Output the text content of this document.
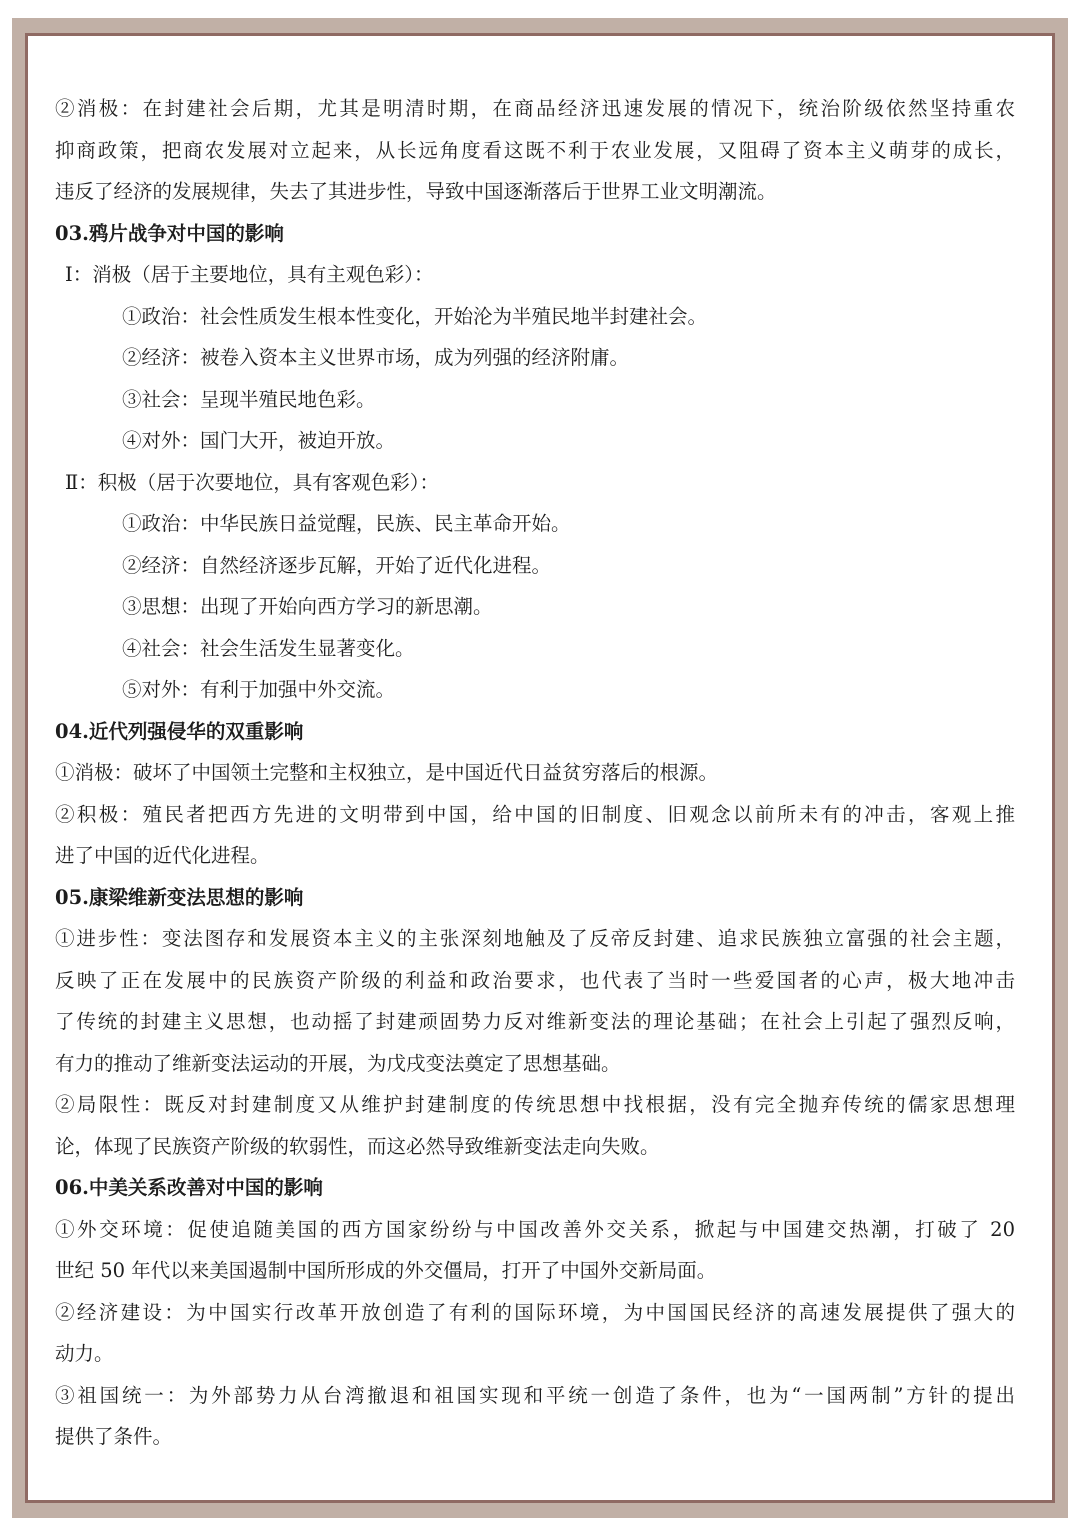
②消极：在封建社会后期，尤其是明清时期，在商品经济迅速发展的情况下，统治阶级依然坚持重农
抑商政策，把商农发展对立起来，从长远角度看这既不利于农业发展，又阻碍了资本主义萌芽的成长，
违反了经济的发展规律，失去了其进步性，导致中国逐渐落后于世界工业文明潮流。
03.鸦片战争对中国的影响
Ⅰ：消极（居于主要地位，具有主观色彩）：
①政治：社会性质发生根本性变化，开始沦为半殖民地半封建社会。
②经济：被卷入资本主义世界市场，成为列强的经济附庸。
③社会：呈现半殖民地色彩。
④对外：国门大开，被迫开放。
Ⅱ：积极（居于次要地位，具有客观色彩）：
①政治：中华民族日益觉醒，民族、民主革命开始。
②经济：自然经济逐步瓦解，开始了近代化进程。
③思想：出现了开始向西方学习的新思潮。
④社会：社会生活发生显著变化。
⑤对外：有利于加强中外交流。
04.近代列强侵华的双重影响
①消极：破坏了中国领土完整和主权独立，是中国近代日益贫穷落后的根源。
②积极：殖民者把西方先进的文明带到中国，给中国的旧制度、旧观念以前所未有的冲击，客观上推
进了中国的近代化进程。
05.康梁维新变法思想的影响
①进步性：变法图存和发展资本主义的主张深刻地触及了反帝反封建、追求民族独立富强的社会主题，
反映了正在发展中的民族资产阶级的利益和政治要求，也代表了当时一些爱国者的心声，极大地冲击
了传统的封建主义思想，也动摇了封建顽固势力反对维新变法的理论基础；在社会上引起了强烈反响，
有力的推动了维新变法运动的开展，为戊戌变法奠定了思想基础。
②局限性：既反对封建制度又从维护封建制度的传统思想中找根据，没有完全抛弃传统的儒家思想理
论，体现了民族资产阶级的软弱性，而这必然导致维新变法走向失败。
06.中美关系改善对中国的影响
①外交环境：促使追随美国的西方国家纷纷与中国改善外交关系，掀起与中国建交热潮，打破了 20
世纪 50 年代以来美国遏制中国所形成的外交僵局，打开了中国外交新局面。
②经济建设：为中国实行改革开放创造了有利的国际环境，为中国国民经济的高速发展提供了强大的
动力。
③祖国统一：为外部势力从台湾撤退和祖国实现和平统一创造了条件，也为“一国两制”方针的提出
提供了条件。
